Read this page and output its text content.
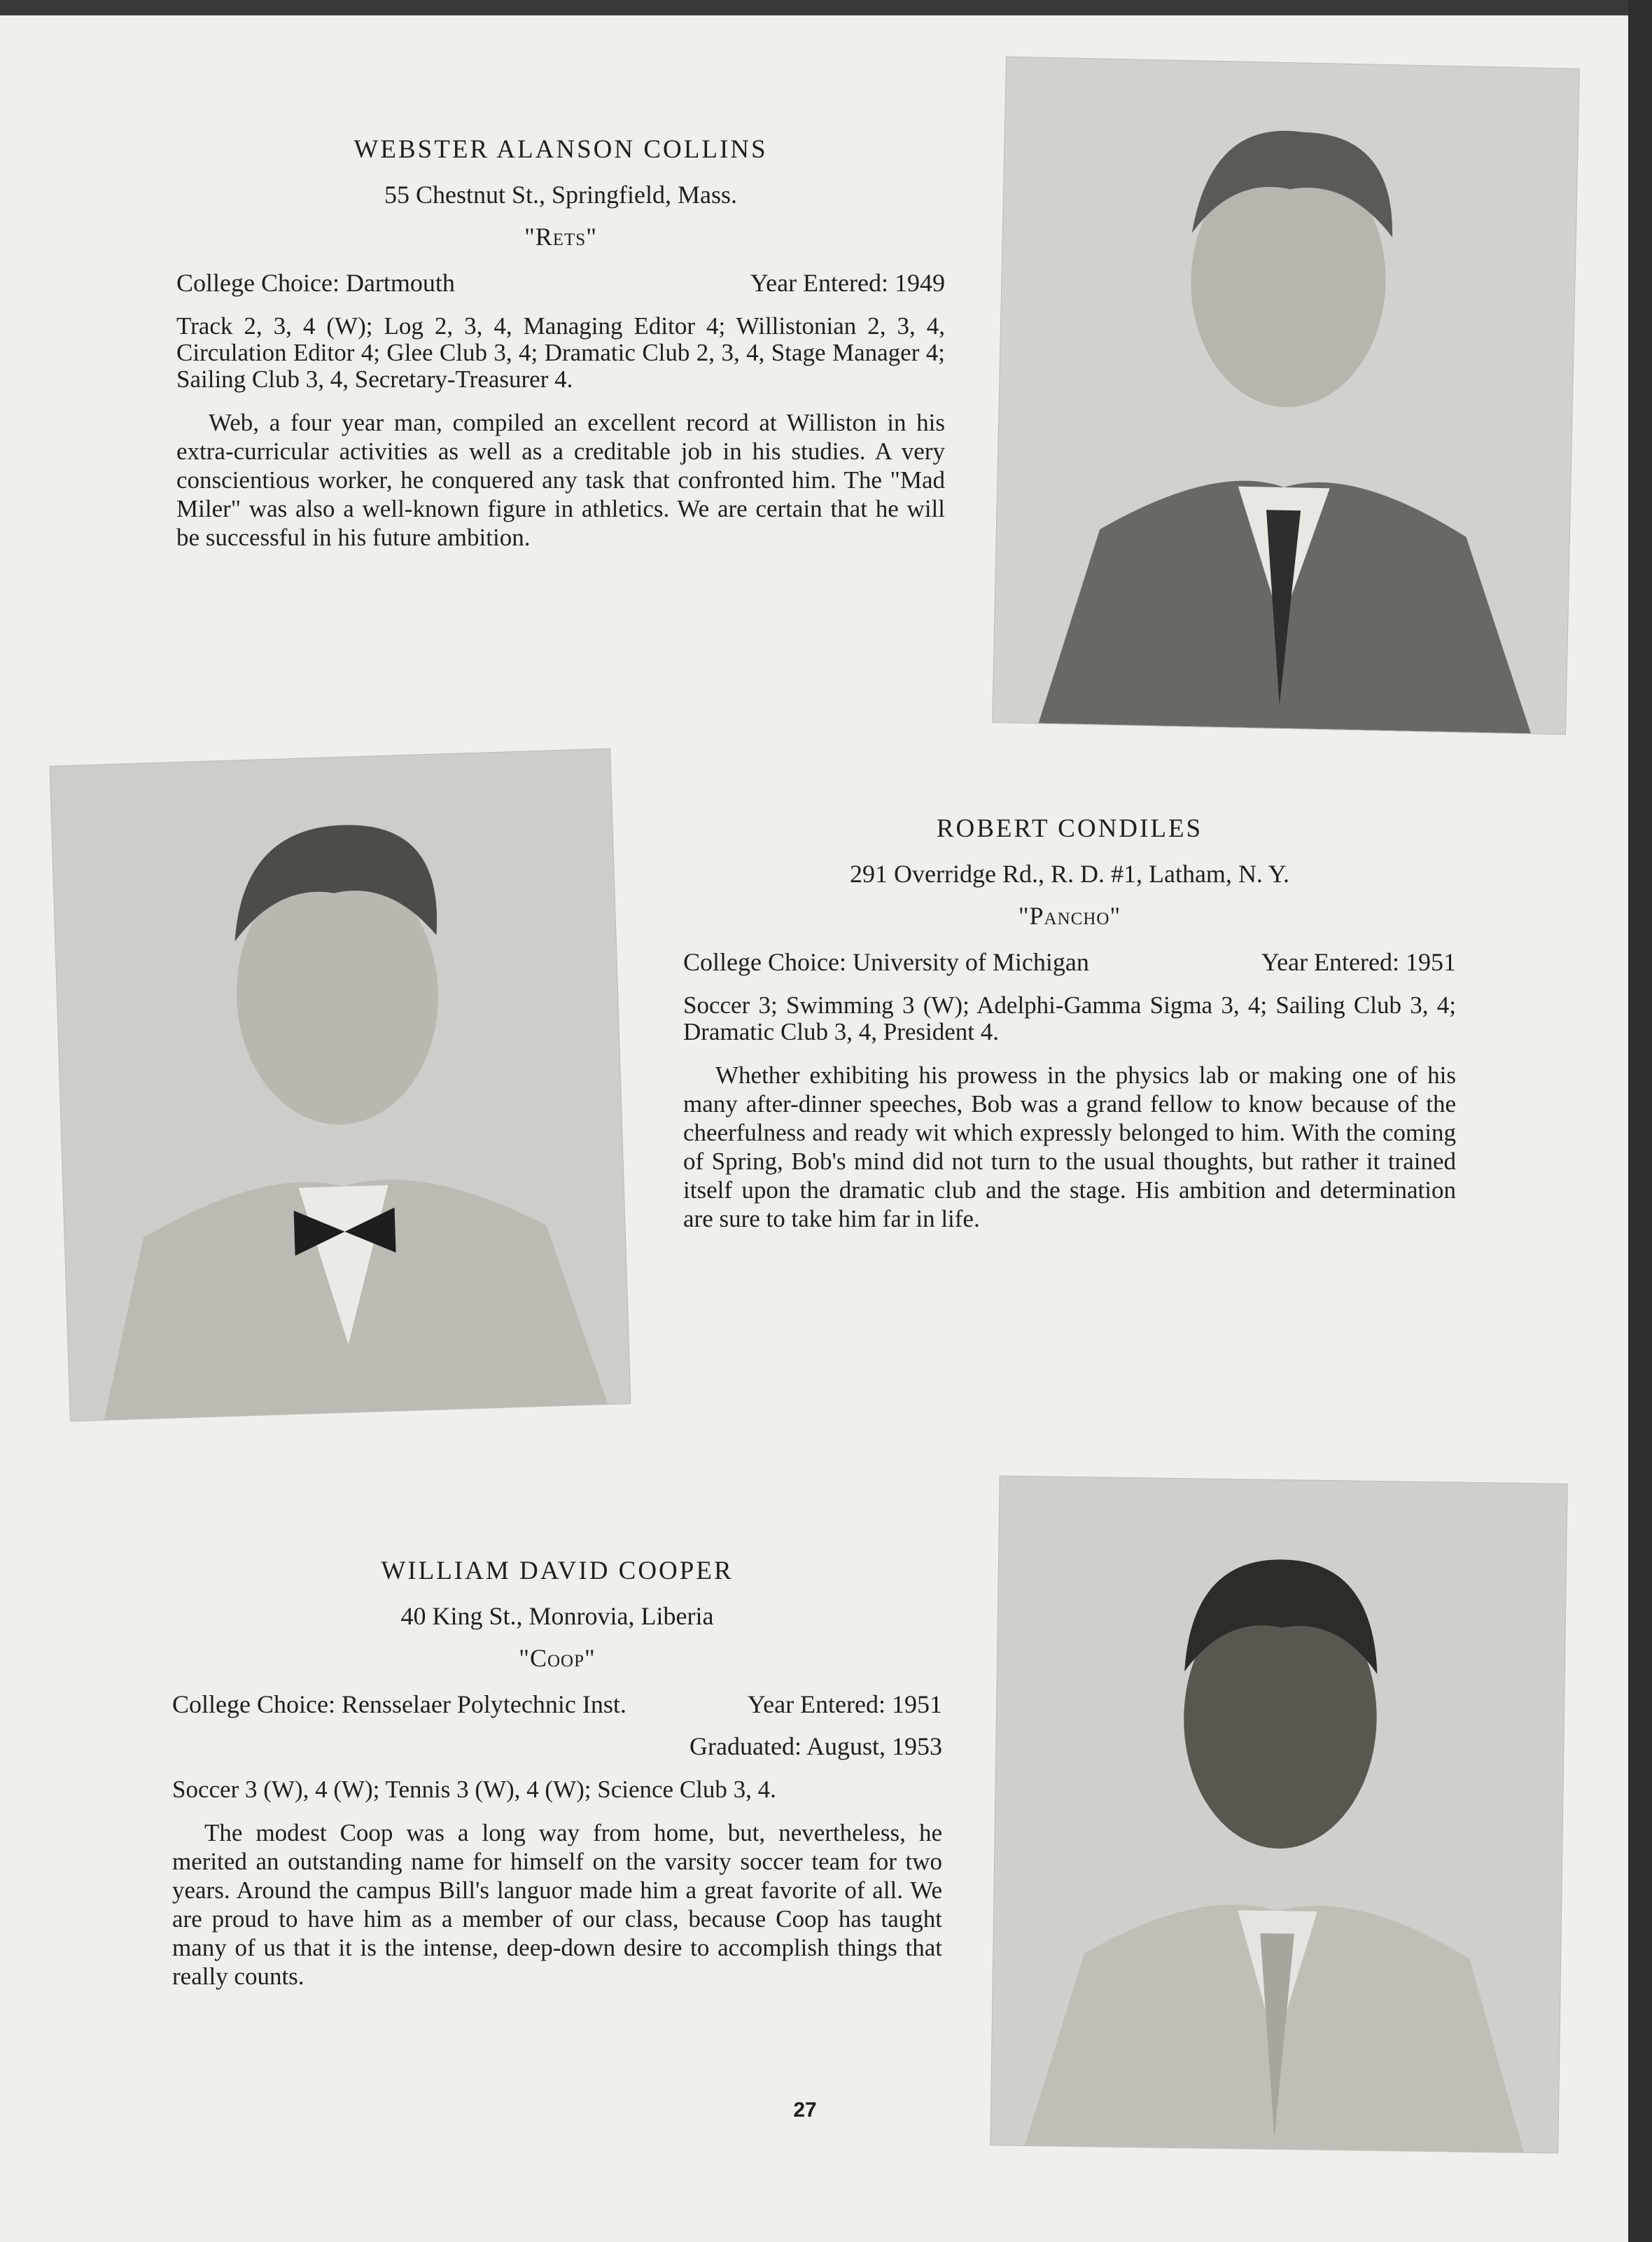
WEBSTER ALANSON COLLINS

55 Chestnut St., Springfield, Mass.

"Rets"

College Choice: Dartmouth	Year Entered: 1949

Track 2, 3, 4 (W); Log 2, 3, 4, Managing Editor 4; Willistonian 2, 3, 4, Circulation Editor 4; Glee Club 3, 4; Dramatic Club 2, 3, 4, Stage Manager 4; Sailing Club 3, 4, Secretary-Treasurer 4.

Web, a four year man, compiled an excellent record at Williston in his extra-curricular activities as well as a creditable job in his studies. A very conscientious worker, he conquered any task that confronted him. The "Mad Miler" was also a well-known figure in athletics. We are certain that he will be successful in his future ambition.

ROBERT CONDILES

291 Overridge Rd., R. D. #1, Latham, N. Y.

"Pancho"

College Choice: University of Michigan	Year Entered: 1951

Soccer 3; Swimming 3 (W); Adelphi-Gamma Sigma 3, 4; Sailing Club 3, 4; Dramatic Club 3, 4, President 4.

Whether exhibiting his prowess in the physics lab or making one of his many after-dinner speeches, Bob was a grand fellow to know because of the cheerfulness and ready wit which expressly belonged to him. With the coming of Spring, Bob's mind did not turn to the usual thoughts, but rather it trained itself upon the dramatic club and the stage. His ambition and determination are sure to take him far in life.

WILLIAM DAVID COOPER

40 King St., Monrovia, Liberia

"Coop"

College Choice: Rensselaer Polytechnic Inst.	Year Entered: 1951

Graduated: August, 1953

Soccer 3 (W), 4 (W); Tennis 3 (W), 4 (W); Science Club 3, 4.

The modest Coop was a long way from home, but, nevertheless, he merited an outstanding name for himself on the varsity soccer team for two years. Around the campus Bill's languor made him a great favorite of all. We are proud to have him as a member of our class, because Coop has taught many of us that it is the intense, deep-down desire to accomplish things that really counts.

27
